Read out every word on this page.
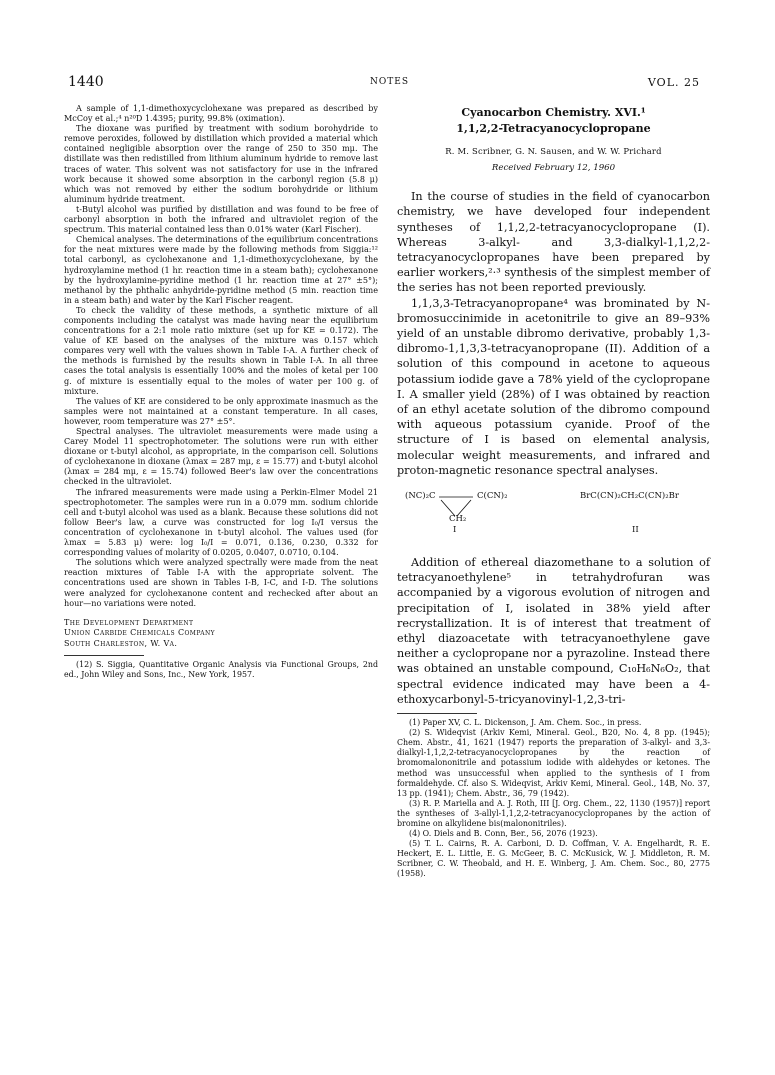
1440	NOTES	VOL. 25

A sample of 1,1-dimethoxycyclohexane was prepared as described by McCoy et al.;⁴ n²⁰D 1.4395; purity, 99.8% (oximation).

The dioxane was purified by treatment with sodium borohydride to remove peroxides, followed by distillation which provided a material which contained negligible absorption over the range of 250 to 350 mμ. The distillate was then redistilled from lithium aluminum hydride to remove last traces of water. This solvent was not satisfactory for use in the infrared work because it showed some absorption in the carbonyl region (5.8 μ) which was not removed by either the sodium borohydride or lithium aluminum hydride treatment.

t-Butyl alcohol was purified by distillation and was found to be free of carbonyl absorption in both the infrared and ultraviolet region of the spectrum. This material contained less than 0.01% water (Karl Fischer).

Chemical analyses. The determinations of the equilibrium concentrations for the neat mixtures were made by the following methods from Siggia:¹² total carbonyl, as cyclohexanone and 1,1-dimethoxycyclohexane, by the hydroxylamine method (1 hr. reaction time in a steam bath); cyclohexanone by the hydroxylamine-pyridine method (1 hr. reaction time at 27° ±5°); methanol by the phthalic anhydride-pyridine method (5 min. reaction time in a steam bath) and water by the Karl Fischer reagent.

To check the validity of these methods, a synthetic mixture of all components including the catalyst was made having near the equilibrium concentrations for a 2:1 mole ratio mixture (set up for KE = 0.172). The value of KE based on the analyses of the mixture was 0.157 which compares very well with the values shown in Table I-A. A further check of the methods is furnished by the results shown in Table I-A. In all three cases the total analysis is essentially 100% and the moles of ketal per 100 g. of mixture is essentially equal to the moles of water per 100 g. of mixture.

The values of KE are considered to be only approximate inasmuch as the samples were not maintained at a constant temperature. In all cases, however, room temperature was 27° ±5°.

Spectral analyses. The ultraviolet measurements were made using a Carey Model 11 spectrophotometer. The solutions were run with either dioxane or t-butyl alcohol, as appropriate, in the comparison cell. Solutions of cyclohexanone in dioxane (λmax = 287 mμ, ε = 15.77) and t-butyl alcohol (λmax = 284 mμ, ε = 15.74) followed Beer's law over the concentrations checked in the ultraviolet.

The infrared measurements were made using a Perkin-Elmer Model 21 spectrophotometer. The samples were run in a 0.079 mm. sodium chloride cell and t-butyl alcohol was used as a blank. Because these solutions did not follow Beer's law, a curve was constructed for log I₀/I versus the concentration of cyclohexanone in t-butyl alcohol. The values used (for λmax = 5.83 μ) were: log I₀/I = 0.071, 0.136, 0.230, 0.332 for corresponding values of molarity of 0.0205, 0.0407, 0.0710, 0.104.

The solutions which were analyzed spectrally were made from the neat reaction mixtures of Table I-A with the appropriate solvent. The concentrations used are shown in Tables I-B, I-C, and I-D. The solutions were analyzed for cyclohexanone content and rechecked after about an hour—no variations were noted.

The Development Department
Union Carbide Chemicals Company
South Charleston, W. Va.

(12) S. Siggia, Quantitative Organic Analysis via Functional Groups, 2nd ed., John Wiley and Sons, Inc., New York, 1957.

Cyanocarbon Chemistry. XVI.¹
1,1,2,2-Tetracyanocyclopropane
R. M. Scribner, G. N. Sausen, and W. W. Prichard
Received February 12, 1960

In the course of studies in the field of cyanocarbon chemistry, we have developed four independent syntheses of 1,1,2,2-tetracyanocyclopropane (I). Whereas 3-alkyl- and 3,3-dialkyl-1,1,2,2-tetracyanocyclopropanes have been prepared by earlier workers,²·³ synthesis of the simplest member of the series has not been reported previously.

1,1,3,3-Tetracyanopropane⁴ was brominated by N-bromosuccinimide in acetonitrile to give an 89–93% yield of an unstable dibromo derivative, probably 1,3-dibromo-1,1,3,3-tetracyanopropane (II). Addition of a solution of this compound in acetone to aqueous potassium iodide gave a 78% yield of the cyclopropane I. A smaller yield (28%) of I was obtained by reaction of an ethyl acetate solution of the dibromo compound with aqueous potassium cyanide. Proof of the structure of I is based on elemental analysis, molecular weight measurements, and infrared and proton-magnetic resonance spectral analyses.

(NC)₂C	C(CN)₂
CH₂
I
BrC(CN)₂CH₂C(CN)₂Br
II

Addition of ethereal diazomethane to a solution of tetracyanoethylene⁵ in tetrahydrofuran was accompanied by a vigorous evolution of nitrogen and precipitation of I, isolated in 38% yield after recrystallization. It is of interest that treatment of ethyl diazoacetate with tetracyanoethylene gave neither a cyclopropane nor a pyrazoline. Instead there was obtained an unstable compound, C₁₀H₆N₆O₂, that spectral evidence indicated may have been a 4-ethoxycarbonyl-5-tricyanovinyl-1,2,3-tri-

(1) Paper XV, C. L. Dickenson, J. Am. Chem. Soc., in press.

(2) S. Wideqvist (Arkiv Kemi, Mineral. Geol., B20, No. 4, 8 pp. (1945); Chem. Abstr., 41, 1621 (1947) reports the preparation of 3-alkyl- and 3,3-dialkyl-1,1,2,2-tetracyanocyclopropanes by the reaction of bromomalononitrile and potassium iodide with aldehydes or ketones. The method was unsuccessful when applied to the synthesis of I from formaldehyde. Cf. also S. Wideqvist, Arkiv Kemi, Mineral. Geol., 14B, No. 37, 13 pp. (1941); Chem. Abstr., 36, 79 (1942).

(3) R. P. Mariella and A. J. Roth, III [J. Org. Chem., 22, 1130 (1957)] report the syntheses of 3-allyl-1,1,2,2-tetracyanocyclopropanes by the action of bromine on alkylidene bis(malononitriles).

(4) O. Diels and B. Conn, Ber., 56, 2076 (1923).

(5) T. L. Cairns, R. A. Carboni, D. D. Coffman, V. A. Engelhardt, R. E. Heckert, E. L. Little, E. G. McGeer, B. C. McKusick, W. J. Middleton, R. M. Scribner, C. W. Theobald, and H. E. Winberg, J. Am. Chem. Soc., 80, 2775 (1958).
